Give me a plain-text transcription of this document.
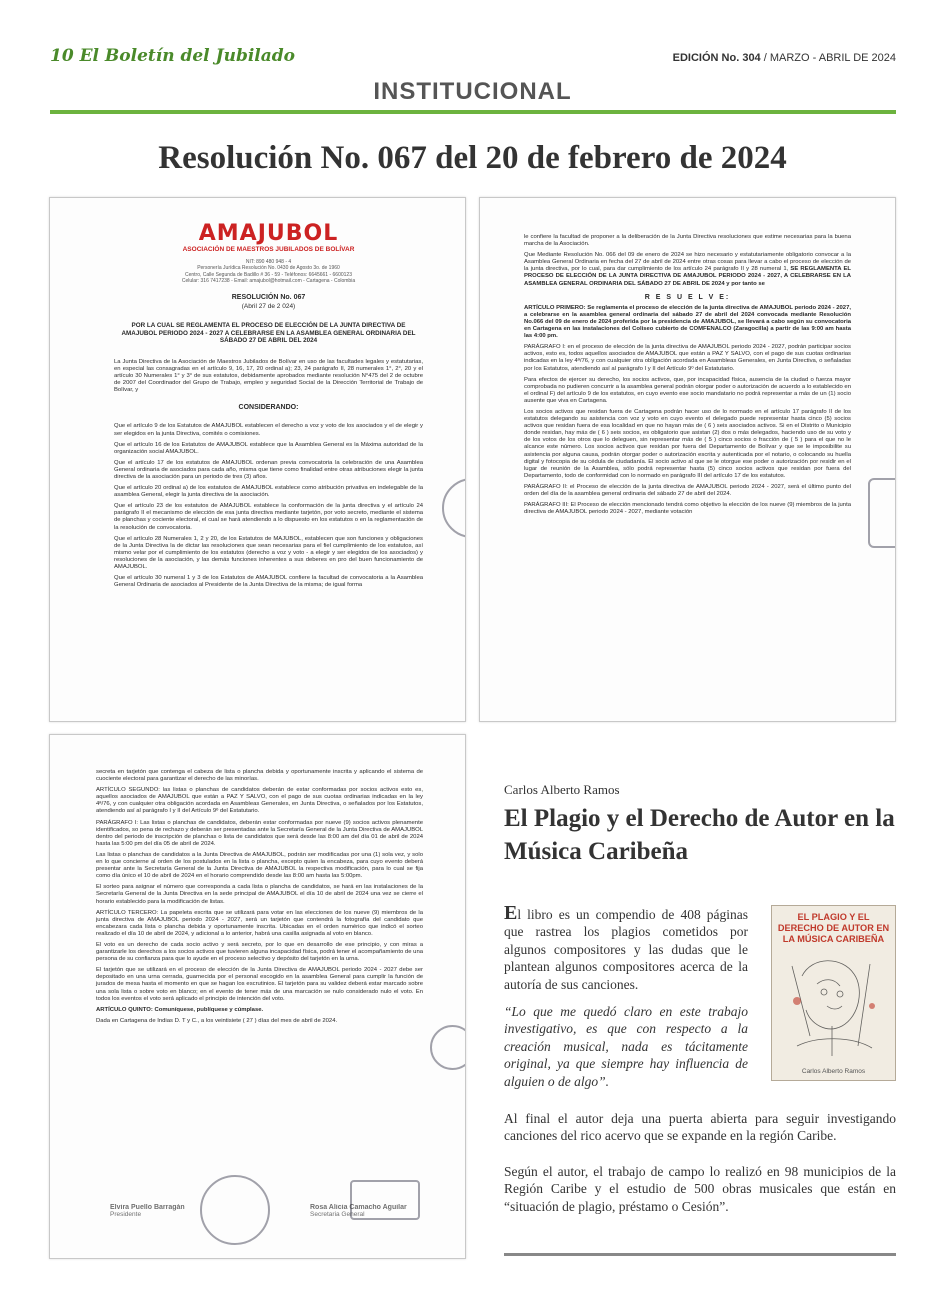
10 El Boletín del Jubilado	EDICIÓN No. 304 / MARZO - ABRIL DE 2024
INSTITUCIONAL
Resolución No. 067 del 20 de febrero de 2024
AMAJUBOL
ASOCIACIÓN DE MAESTROS JUBILADOS DE BOLÍVAR
NIT: 890 480 948 - 4
Personería Jurídica Resolución No. 0430 de Agosto 3o. de 1960
Centro, Calle Segunda de Badillo # 36 - 59 - Teléfonos: 6645661 - 6600123
Celular: 316 7417238 - Email: amajubol@hotmail.com - Cartagena - Colombia
RESOLUCIÓN No. 067
(Abril 27 de 2 024)
POR LA CUAL SE REGLAMENTA EL PROCESO DE ELECCIÓN DE LA JUNTA DIRECTIVA DE AMAJUBOL PERIODO 2024 - 2027 A CELEBRARSE EN LA ASAMBLEA GENERAL ORDINARIA DEL SÁBADO 27 DE ABRIL DEL 2024

La Junta Directiva de la Asociación de Maestros Jubilados de Bolívar en uso de las facultades legales y estatutarias, en especial las consagradas en el artículo 9, 16, 17, 20 ordinal a); 23, 24 parágrafo II, 28 numerales 1°, 2°, 20 y el artículo 30 Numerales 1° y 3° de sus estatutos, debidamente aprobados mediante resolución N°475 del 2 de octubre de 2007 del Coordinador del Grupo de Trabajo, empleo y seguridad Social de la Dirección Territorial de Trabajo de Bolívar, y

CONSIDERANDO:

Que el artículo 9 de los Estatutos de AMAJUBOL establecen el derecho a voz y voto de los asociados y el de elegir y ser elegidos en la junta Directiva, comités o comisiones.

Que el artículo 16 de los Estatutos de AMAJUBOL establece que la Asamblea General es la Máxima autoridad de la organización social AMAJUBOL.

Que el artículo 17 de los estatutos de AMAJUBOL ordenan previa convocatoria la celebración de una Asamblea General ordinaria de asociados para cada año, misma que tiene como finalidad entre otras atribuciones elegir la junta directiva de la asociación para un periodo de tres (3) años.

Que el artículo 20 ordinal a) de los estatutos de AMAJUBOL establece como atribución privativa en indelegable de la asamblea General, elegir la junta directiva de la asociación.

Que el artículo 23 de los estatutos de AMAJUBOL establece la conformación de la junta directiva y el artículo 24 parágrafo II el mecanismo de elección de esa junta directiva mediante tarjetón, por voto secreto, mediante el sistema de planchas y cociente electoral, el cual se hará atendiendo a lo dispuesto en los estatutos o en la reglamentación de la resolución de convocatoria.

Que el artículo 28 Numerales 1, 2 y 20, de los Estatutos de MAJUBOL, establecen que son funciones y obligaciones de la Junta Directiva la de dictar las resoluciones que sean necesarias para el fiel cumplimiento de los estatutos, así mismo velar por el cumplimiento de los estatutos (derecho a voz y voto - a elegir y ser elegidos de los asociados) y resoluciones de la asociación, y las demás funciones inherentes a sus deberes en pro del buen funcionamiento de AMAJUBOL.

Que el artículo 30 numeral 1 y 3 de los Estatutos de AMAJUBOL confiere la facultad de convocatoria a la Asamblea General Ordinaria de asociados al Presidente de la Junta Directiva de la misma; de igual forma

le confiere la facultad de proponer a la deliberación de la Junta Directiva resoluciones que estime necesarias para la buena marcha de la Asociación.

Que Mediante Resolución No. 066 del 09 de enero de 2024 se hizo necesario y estatutariamente obligatorio convocar a la Asamblea General Ordinaria en fecha del 27 de abril de 2024 entre otras cosas para llevar a cabo el proceso de elección de la junta directiva, por lo cual, para dar cumplimiento de los artículo 24 parágrafo II y 28 numeral 1, SE REGLAMENTA EL PROCESO DE ELECCIÓN DE LA JUNTA DIRECTIVA DE AMAJUBOL PERIODO 2024 - 2027, A CELEBRARSE EN LA ASAMBLEA GENERAL ORDINARIA DEL SÁBADO 27 DE ABRIL DE 2024 y por tanto se

R E S U E L V E:

ARTÍCULO PRIMERO: Se reglamenta el proceso de elección de la junta directiva de AMAJUBOL periodo 2024 - 2027, a celebrarse en la asamblea general ordinaria del sábado 27 de abril del 2024 convocada mediante Resolución No.066 del 09 de enero de 2024 proferida por la presidencia de AMAJUBOL, se llevará a cabo según su convocatoria en Cartagena en las instalaciones del Coliseo cubierto de COMFENALCO (Zaragocilla) a partir de las 9:00 am hasta las 4:00 pm.

PARÁGRAFO I: en el proceso de elección de la junta directiva de AMAJUBOL periodo 2024 - 2027, podrán participar socios activos, esto es, todos aquellos asociados de AMAJUBOL que están a PAZ Y SALVO, con el pago de sus cuotas ordinarias indicadas en la ley 4ª/76, y con cualquier otra obligación acordada en Asambleas Generales, en Junta Directiva, o señaladas por los Estatutos, atendiendo así al parágrafo I y II del Artículo 9º del Estatutario.

Para efectos de ejercer su derecho, los socios activos, que, por incapacidad física, ausencia de la ciudad o fuerza mayor comprobada no pudieren concurrir a la asamblea general podrán otorgar poder o autorización de acuerdo a lo establecido en el ordinal F) del artículo 9 de los estatutos, en cuyo evento ese socio mandatario no podrá representar a más de un (1) socio ausente que viva en Cartagena.

Los socios activos que residan fuera de Cartagena podrán hacer uso de lo normado en el artículo 17 parágrafo II de los estatutos delegando su asistencia con voz y voto en cuyo evento el delegado puede representar hasta cinco (5) socios activos que residan fuera de esa localidad en que no hayan más de ( 6 ) seis asociados activos. Si en el Distrito o Municipio donde residan, hay más de ( 6 ) seis socios, es obligatorio que asistan (2) dos o más delegados, haciendo uso de su voto y de los votos de los otros que lo deleguen, sin representar más de ( 5 ) cinco socios o fracción de ( 5 ) para el que no le alcance este número. Los socios activos que residan por fuera del Departamento de Bolívar y que se le imposibilite su asistencia por alguna causa, podrán otorgar poder o autorización escrita y autenticada por el notario, o colocando su huella digital y fotocopia de su cédula de ciudadanía. El socio activo al que se le otorgue ese poder o autorización por residir en el lugar de reunión de la Asamblea, sólo podrá representar hasta (5) cinco socios activos que residan por fuera del Departamento, todo de conformidad con lo normado en parágrafo III del artículo 17 de los estatutos.

PARÁGRAFO II: el Proceso de elección de la junta directiva de AMAJUBOL periodo 2024 - 2027, será el último punto del orden del día de la asamblea general ordinaria del sábado 27 de abril del 2024.

PARÁGRAFO III: El Proceso de elección mencionado tendrá como objetivo la elección de los nueve (9) miembros de la junta directiva de AMAJUBOL periodo 2024 - 2027, mediante votación

secreta en tarjetón que contenga el cabeza de lista o plancha debida y oportunamente inscrita y aplicando el sistema de cuociente electoral para garantizar el derecho de las minorías.

ARTÍCULO SEGUNDO: las listas o planchas de candidatos deberán de estar conformadas por socios activos esto es, aquellos asociados de AMAJUBOL que están a PAZ Y SALVO, con el pago de sus cuotas ordinarias indicadas en la ley 4ª/76, y con cualquier otra obligación acordada en Asambleas Generales, en Junta Directiva, o señalados por los Estatutos, atendiendo así al parágrafo I y II del Artículo 9º del Estatutario.

PARÁGRAFO I: Las listas o planchas de candidatos, deberán estar conformadas por nueve (9) socios activos plenamente identificados, so pena de rechazo y deberán ser presentadas ante la Secretaría General de la Junta Directiva de AMAJUBOL dentro del periodo de inscripción de planchas o lista de candidatos que será desde las 8:00 am del día 01 de abril de 2024 hasta las 5:00 pm del día 05 de abril de 2024.

Las listas o planchas de candidatos a la Junta Directiva de AMAJUBOL, podrán ser modificadas por una (1) sola vez, y solo en lo que concierne al orden de los postulados en la lista o plancha, excepto quien la encabeza, para cuyo evento deberá presentar ante la Secretaría General de la Junta Directiva de AMAJUBOL la respectiva modificación, para lo cual se fija como día único el 10 de abril de 2024 en el horario comprendido desde las 8:00 am hasta las 5:00pm.

El sorteo para asignar el número que corresponda a cada lista o plancha de candidatos, se hará en las instalaciones de la Secretaría General de la Junta Directiva en la sede principal de AMAJUBOL el día 10 de abril de 2024 una vez se cierre el horario establecido para la modificación de listas.

ARTÍCULO TERCERO: La papeleta escrita que se utilizará para votar en las elecciones de los nueve (9) miembros de la junta directiva de AMAJUBOL periodo 2024 - 2027, será un tarjetón que contendrá la fotografía del candidato que encabezara cada lista o plancha debida y oportunamente inscrita. Ubicadas en el orden numérico que indicó el sorteo realizado el día 10 de abril de 2024, y adicional a lo anterior, habrá una casilla asignada al voto en blanco.

El voto es un derecho de cada socio activo y será secreto, por lo que en desarrollo de ese principio, y con miras a garantizarle los derechos a los socios activos que tuvieren alguna incapacidad física, podrá tener el acompañamiento de una persona de su confianza para que lo ayude en el proceso selectivo y depósito del tarjetón en la urna.

El tarjetón que se utilizará en el proceso de elección de la Junta Directiva de AMAJUBOL periodo 2024 - 2027 debe ser depositado en una urna cerrada, guarnecida por el personal escogido en la asamblea General para cumplir la función de jurados de mesa hasta el momento en que se hagan los escrutinios. El tarjetón para su validez deberá estar marcado sobre una sola lista o sobre voto en blanco; en el evento de tener más de una marcación se nulo considerado nulo el voto. En todos los eventos el voto será aplicado el principio de intención del voto.

ARTÍCULO QUINTO: Comuníquese, publíquese y cúmplase.

Dada en Cartagena de Indias D. T y C., a los veintisiete ( 27 ) días del mes de abril de 2024.

Elvira Puello Barragán
Presidente
Rosa Alicia Camacho Aguilar
Secretaria General
Carlos Alberto Ramos
El Plagio y el Derecho de Autor en la Música Caribeña
El libro es un compendio de 408 páginas que rastrea los plagios cometidos por algunos compositores y las dudas que le plantean algunos compositores acerca de la autoría de sus canciones.
“Lo que me quedó claro en este trabajo investigativo, es que con respecto a la creación musical, nada es tácitamente original, ya que siempre hay influencia de alguien o de algo”.
EL PLAGIO Y EL DERECHO DE AUTOR EN LA MÚSICA CARIBEÑA
Carlos Alberto Ramos
Al final el autor deja una puerta abierta para seguir investigando canciones del rico acervo que se expande en la región Caribe.
Según el autor, el trabajo de campo lo realizó en 98 municipios de la Región Caribe y el estudio de 500 obras musicales que están en “situación de plagio, préstamo o Cesión”.
